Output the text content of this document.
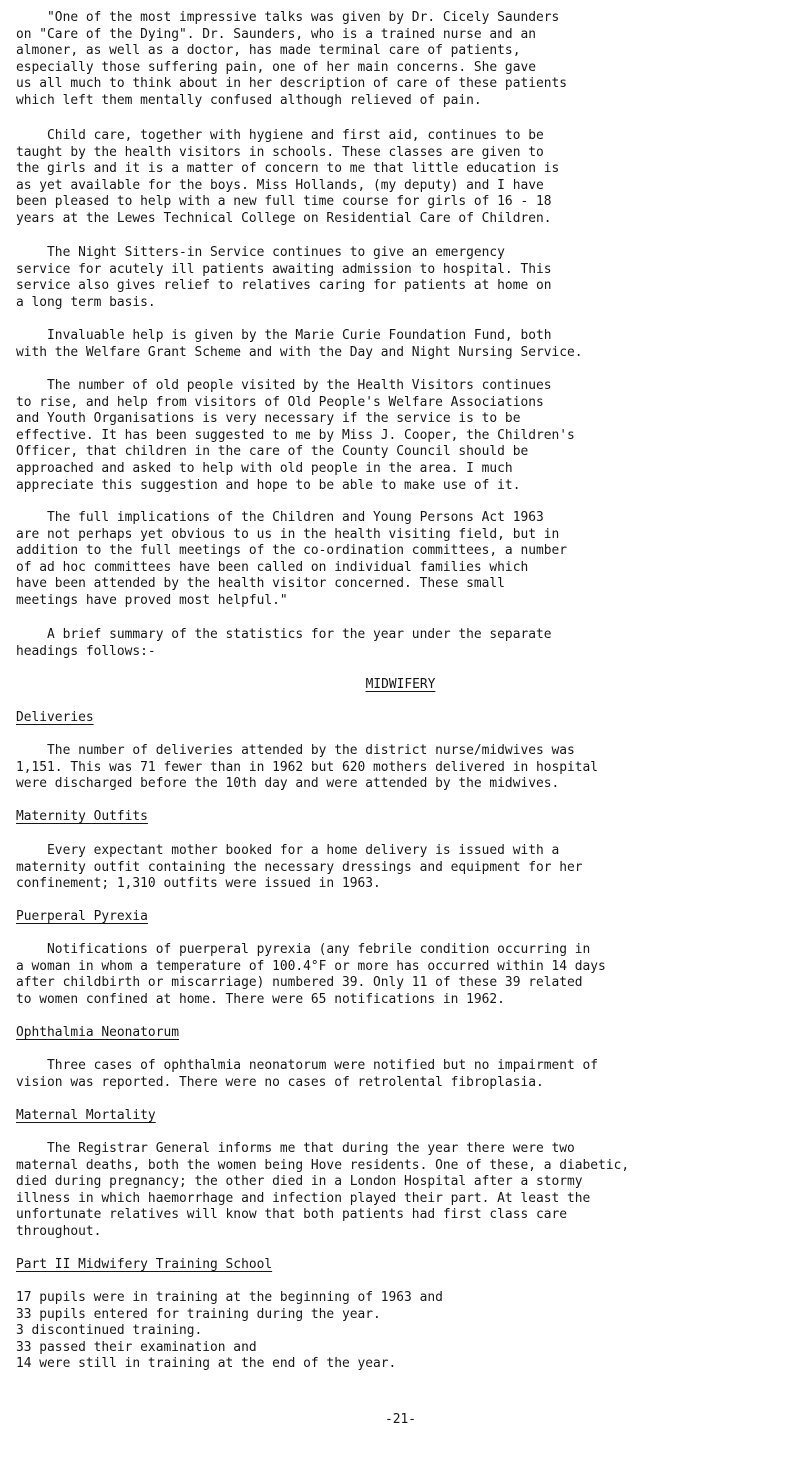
"One of the most impressive talks was given by Dr. Cicely Saunders
on "Care of the Dying". Dr. Saunders, who is a trained nurse and an
almoner, as well as a doctor, has made terminal care of patients,
especially those suffering pain, one of her main concerns. She gave
us all much to think about in her description of care of these patients
which left them mentally confused although relieved of pain.

Child care, together with hygiene and first aid, continues to be
taught by the health visitors in schools. These classes are given to
the girls and it is a matter of concern to me that little education is
as yet available for the boys. Miss Hollands, (my deputy) and I have
been pleased to help with a new full time course for girls of 16 - 18
years at the Lewes Technical College on Residential Care of Children.

The Night Sitters-in Service continues to give an emergency
service for acutely ill patients awaiting admission to hospital. This
service also gives relief to relatives caring for patients at home on
a long term basis.

Invaluable help is given by the Marie Curie Foundation Fund, both
with the Welfare Grant Scheme and with the Day and Night Nursing Service.

The number of old people visited by the Health Visitors continues
to rise, and help from visitors of Old People's Welfare Associations
and Youth Organisations is very necessary if the service is to be
effective. It has been suggested to me by Miss J. Cooper, the Children's
Officer, that children in the care of the County Council should be
approached and asked to help with old people in the area. I much
appreciate this suggestion and hope to be able to make use of it.

The full implications of the Children and Young Persons Act 1963
are not perhaps yet obvious to us in the health visiting field, but in
addition to the full meetings of the co-ordination committees, a number
of ad hoc committees have been called on individual families which
have been attended by the health visitor concerned. These small
meetings have proved most helpful."

A brief summary of the statistics for the year under the separate
headings follows:-

MIDWIFERY
Deliveries

The number of deliveries attended by the district nurse/midwives was
1,151. This was 71 fewer than in 1962 but 620 mothers delivered in hospital
were discharged before the 10th day and were attended by the midwives.

Maternity Outfits

Every expectant mother booked for a home delivery is issued with a
maternity outfit containing the necessary dressings and equipment for her
confinement; 1,310 outfits were issued in 1963.

Puerperal Pyrexia

Notifications of puerperal pyrexia (any febrile condition occurring in
a woman in whom a temperature of 100.4°F or more has occurred within 14 days
after childbirth or miscarriage) numbered 39. Only 11 of these 39 related
to women confined at home. There were 65 notifications in 1962.

Ophthalmia Neonatorum

Three cases of ophthalmia neonatorum were notified but no impairment of
vision was reported. There were no cases of retrolental fibroplasia.

Maternal Mortality

The Registrar General informs me that during the year there were two
maternal deaths, both the women being Hove residents. One of these, a diabetic,
died during pregnancy; the other died in a London Hospital after a stormy
illness in which haemorrhage and infection played their part. At least the
unfortunate relatives will know that both patients had first class care
throughout.

Part II Midwifery Training School

17 pupils were in training at the beginning of 1963 and
33 pupils entered for training during the year.
3 discontinued training.
33 passed their examination and
14 were still in training at the end of the year.

-21-
